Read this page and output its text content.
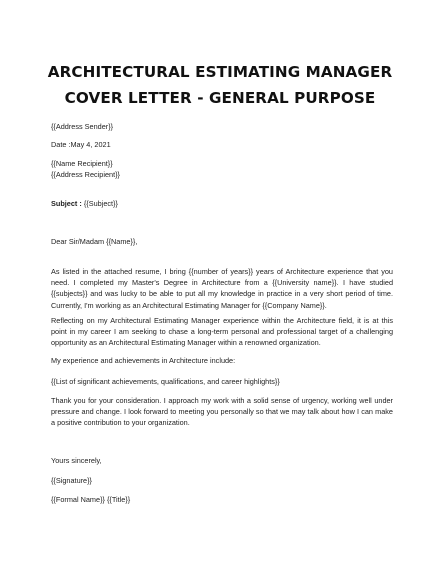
ARCHITECTURAL ESTIMATING MANAGER
COVER LETTER - GENERAL PURPOSE

{{Address Sender}}

Date :May 4, 2021

{{Name Recipient}}

{{Address Recipient}}

Subject : {{Subject}}

Dear Sir/Madam {{Name}},

As listed in the attached resume, I bring {{number of years}} years of Architecture experience that you need. I completed my Master's Degree in Architecture from a {{University name}}. I have studied {{subjects}} and was lucky to be able to put all my knowledge in practice in a very short period of time. Currently, I'm working as an Architectural Estimating Manager for {{Company Name}}.

Reflecting on my Architectural Estimating Manager experience within the Architecture field, it is at this point in my career I am seeking to chase a long-term personal and professional target of a challenging opportunity as an Architectural Estimating Manager within a renowned organization.

My experience and achievements in Architecture include:

{{List of significant achievements, qualifications, and career highlights}}

Thank you for your consideration. I approach my work with a solid sense of urgency, working well under pressure and change. I look forward to meeting you personally so that we may talk about how I can make a positive contribution to your organization.

Yours sincerely,

{{Signature}}

{{Formal Name}} {{Title}}
